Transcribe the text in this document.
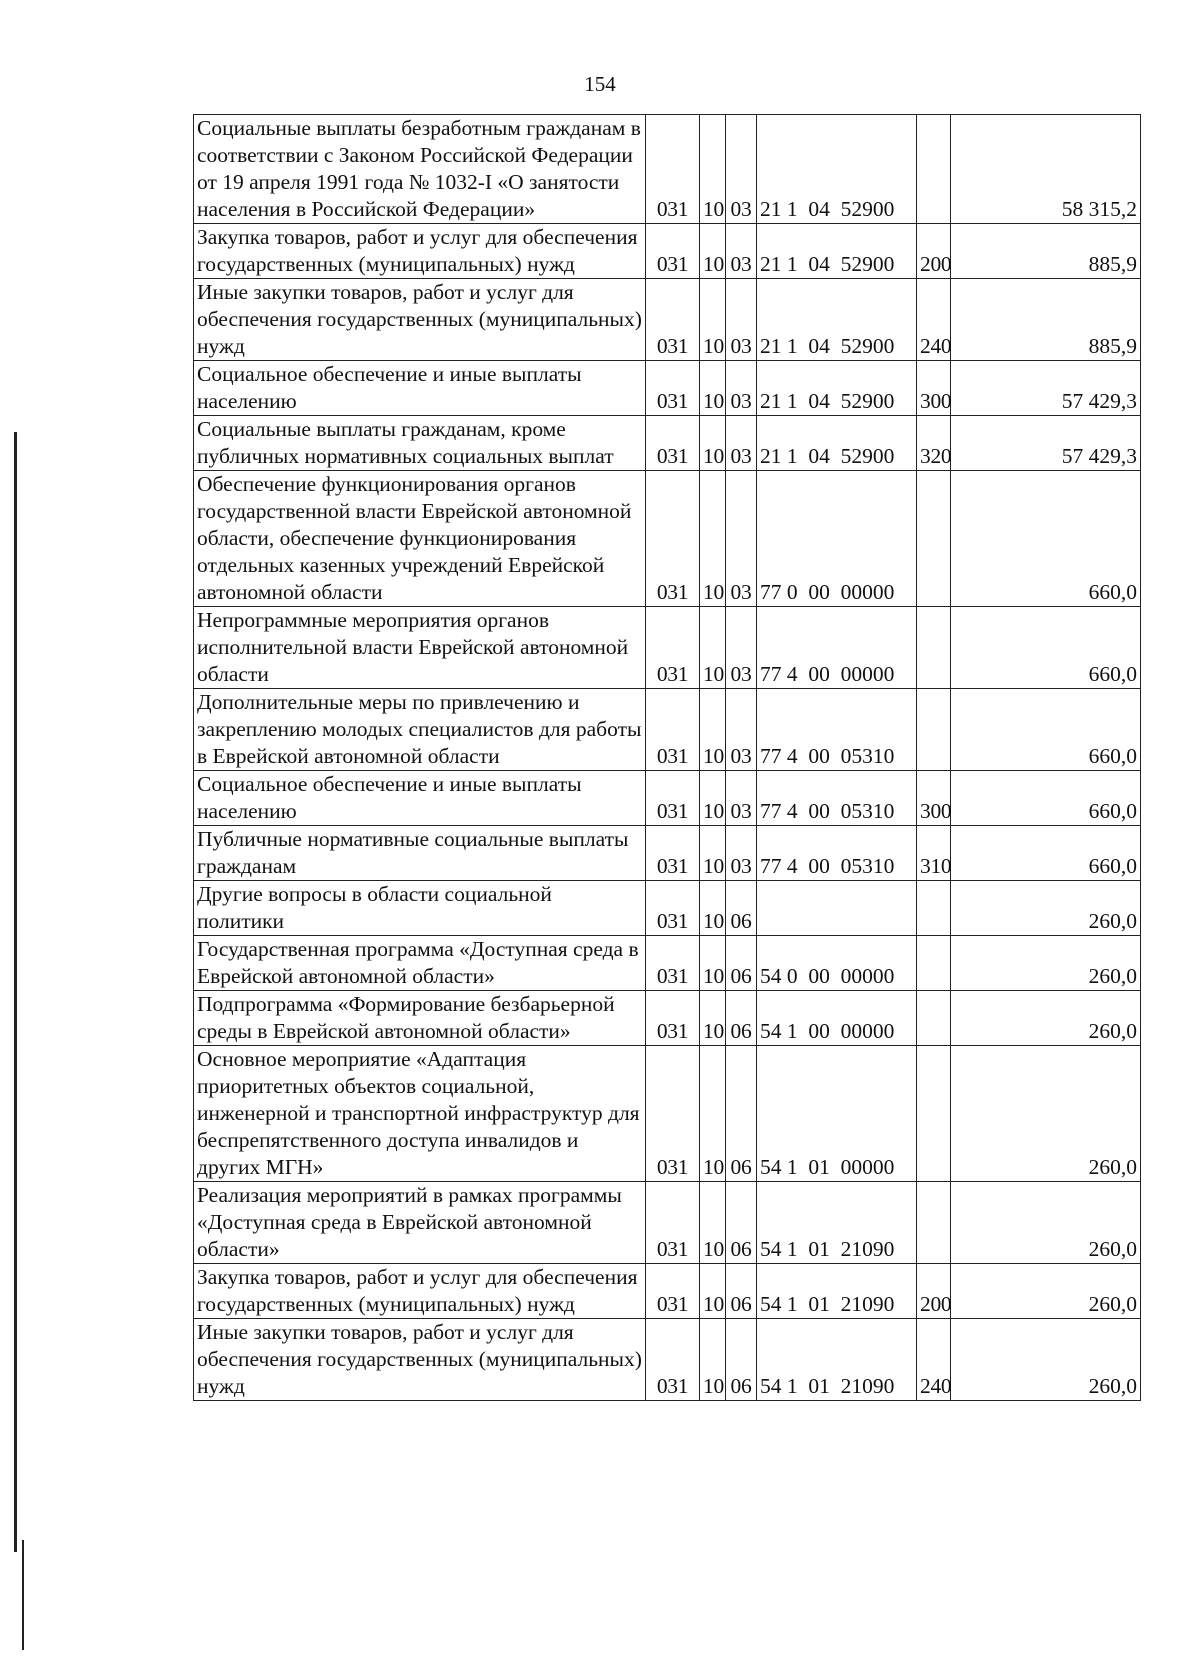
154
Социальные выплаты безработным гражданам в соответствии с Законом Российской Федерации от 19 апреля 1991 года № 1032-I «О занятости населения в Российской Федерации»	031	10	03	21 1  04  52900		58 315,2
Закупка товаров, работ и услуг для обеспечения государственных (муниципальных) нужд	031	10	03	21 1  04  52900	200	885,9
Иные закупки товаров, работ и услуг для обеспечения государственных (муниципальных) нужд	031	10	03	21 1  04  52900	240	885,9
Социальное обеспечение и иные выплаты населению	031	10	03	21 1  04  52900	300	57 429,3
Социальные выплаты гражданам, кроме публичных нормативных социальных выплат	031	10	03	21 1  04  52900	320	57 429,3
Обеспечение функционирования органов государственной власти Еврейской автономной области, обеспечение функционирования отдельных казенных учреждений Еврейской автономной области	031	10	03	77 0  00  00000		660,0
Непрограммные мероприятия органов исполнительной власти Еврейской автономной области	031	10	03	77 4  00  00000		660,0
Дополнительные меры по привлечению и закреплению молодых специалистов для работы в Еврейской автономной области	031	10	03	77 4  00  05310		660,0
Социальное обеспечение и иные выплаты населению	031	10	03	77 4  00  05310	300	660,0
Публичные нормативные социальные выплаты гражданам	031	10	03	77 4  00  05310	310	660,0
Другие вопросы в области социальной политики	031	10	06			260,0
Государственная программа «Доступная среда в Еврейской автономной области»	031	10	06	54 0  00  00000		260,0
Подпрограмма «Формирование безбарьерной среды в Еврейской автономной области»	031	10	06	54 1  00  00000		260,0
Основное мероприятие «Адаптация приоритетных объектов социальной, инженерной и транспортной инфраструктур для беспрепятственного доступа инвалидов и других МГН»	031	10	06	54 1  01  00000		260,0
Реализация мероприятий в рамках программы «Доступная среда в Еврейской автономной области»	031	10	06	54 1  01  21090		260,0
Закупка товаров, работ и услуг для обеспечения государственных (муниципальных) нужд	031	10	06	54 1  01  21090	200	260,0
Иные закупки товаров, работ и услуг для обеспечения государственных (муниципальных) нужд	031	10	06	54 1  01  21090	240	260,0
